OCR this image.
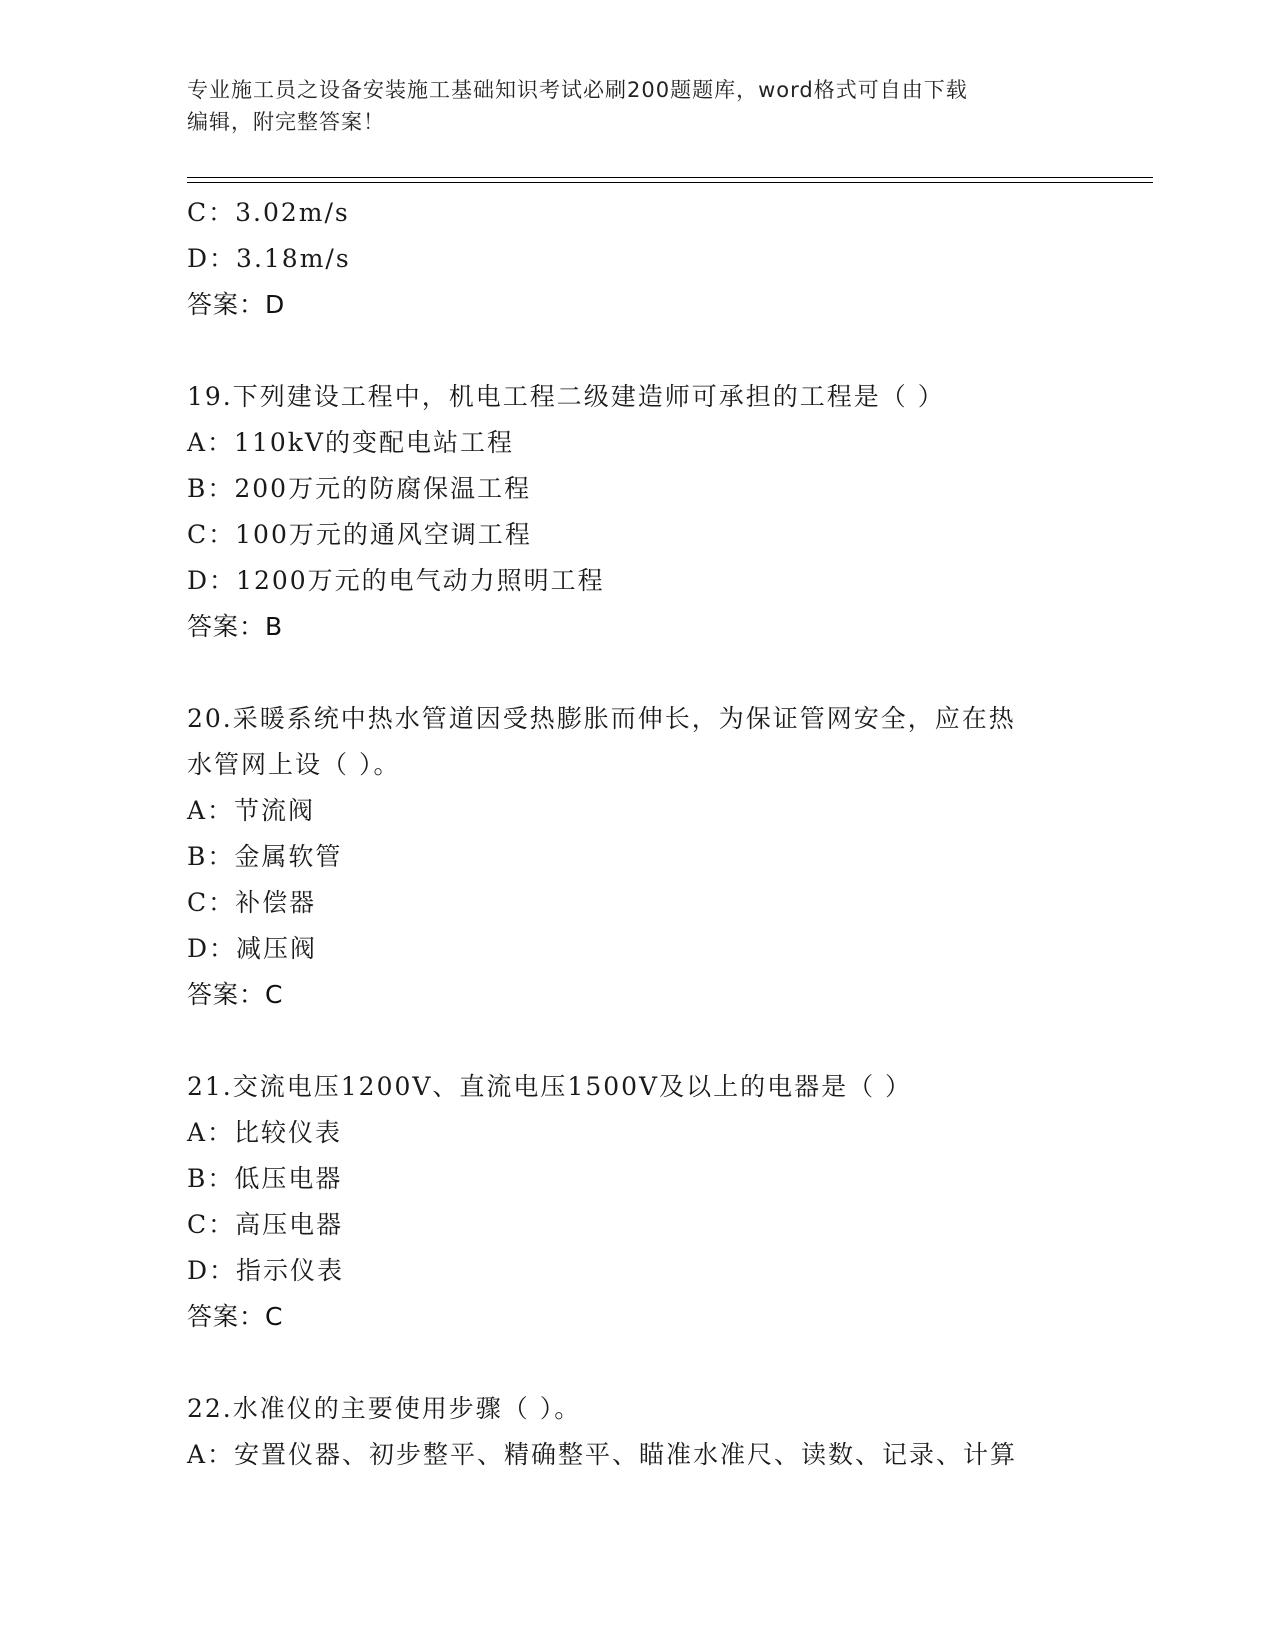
专业施工员之设备安装施工基础知识考试必刷200题题库，word格式可自由下载
编辑，附完整答案！
C：3.02m/s
D：3.18m/s
答案：D
19.下列建设工程中，机电工程二级建造师可承担的工程是（ ）
A：110kV的变配电站工程
B：200万元的防腐保温工程
C：100万元的通风空调工程
D：1200万元的电气动力照明工程
答案：B
20.采暖系统中热水管道因受热膨胀而伸长，为保证管网安全，应在热
水管网上设（ ）。
A：节流阀
B：金属软管
C：补偿器
D：减压阀
答案：C
21.交流电压1200V、直流电压1500V及以上的电器是（ ）
A：比较仪表
B：低压电器
C：高压电器
D：指示仪表
答案：C
22.水准仪的主要使用步骤（ ）。
A：安置仪器、初步整平、精确整平、瞄准水准尺、读数、记录、计算
